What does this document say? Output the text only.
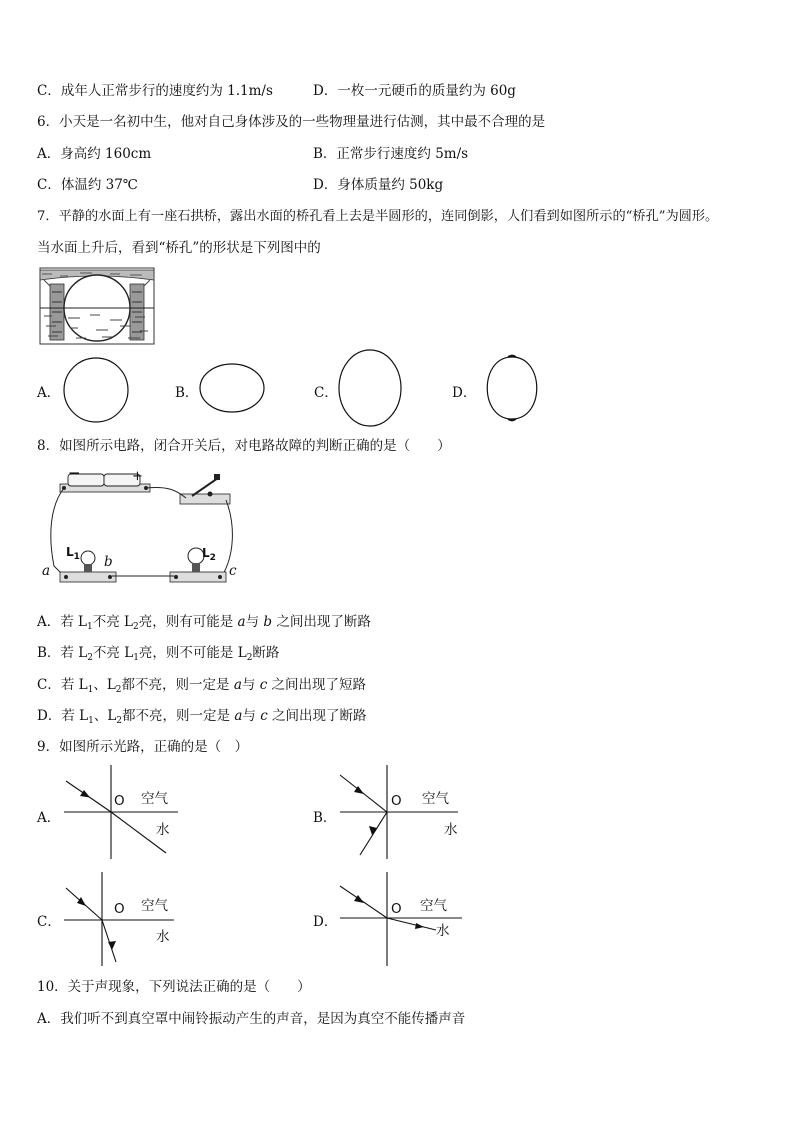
C．成年人正常步行的速度约为 1.1m/s	D．一枚一元硬币的质量约为 60g
6．小天是一名初中生，他对自己身体涉及的一些物理量进行估测，其中最不合理的是
A．身高约 160cm	B．正常步行速度约 5m/s
C．体温约 37℃	D．身体质量约 50kg
7．平静的水面上有一座石拱桥，露出水面的桥孔看上去是半圆形的，连同倒影，人们看到如图所示的“桥孔”为圆形。
当水面上升后，看到“桥孔”的形状是下列图中的
A．	B．	C．	D．
8．如图所示电路，闭合开关后，对电路故障的判断正确的是（　　）
−	+
$L_1$	$L_2$
b
a	c
A．若 $L_1$不亮 $L_2$亮，则有可能是 a与 b 之间出现了断路
B．若 $L_2$不亮 $L_1$亮，则不可能是 $L_2$断路
C．若 $L_1$、$L_2$都不亮，则一定是 a与 c 之间出现了短路
D．若 $L_1$、$L_2$都不亮，则一定是 a与 c 之间出现了断路
9．如图所示光路，正确的是（　）
A．
O 空气
水
B．
O 空气
水
C．
O 空气
水
D．
O 空气
水
10．关于声现象，下列说法正确的是（　　）
A．我们听不到真空罩中闹铃振动产生的声音，是因为真空不能传播声音
